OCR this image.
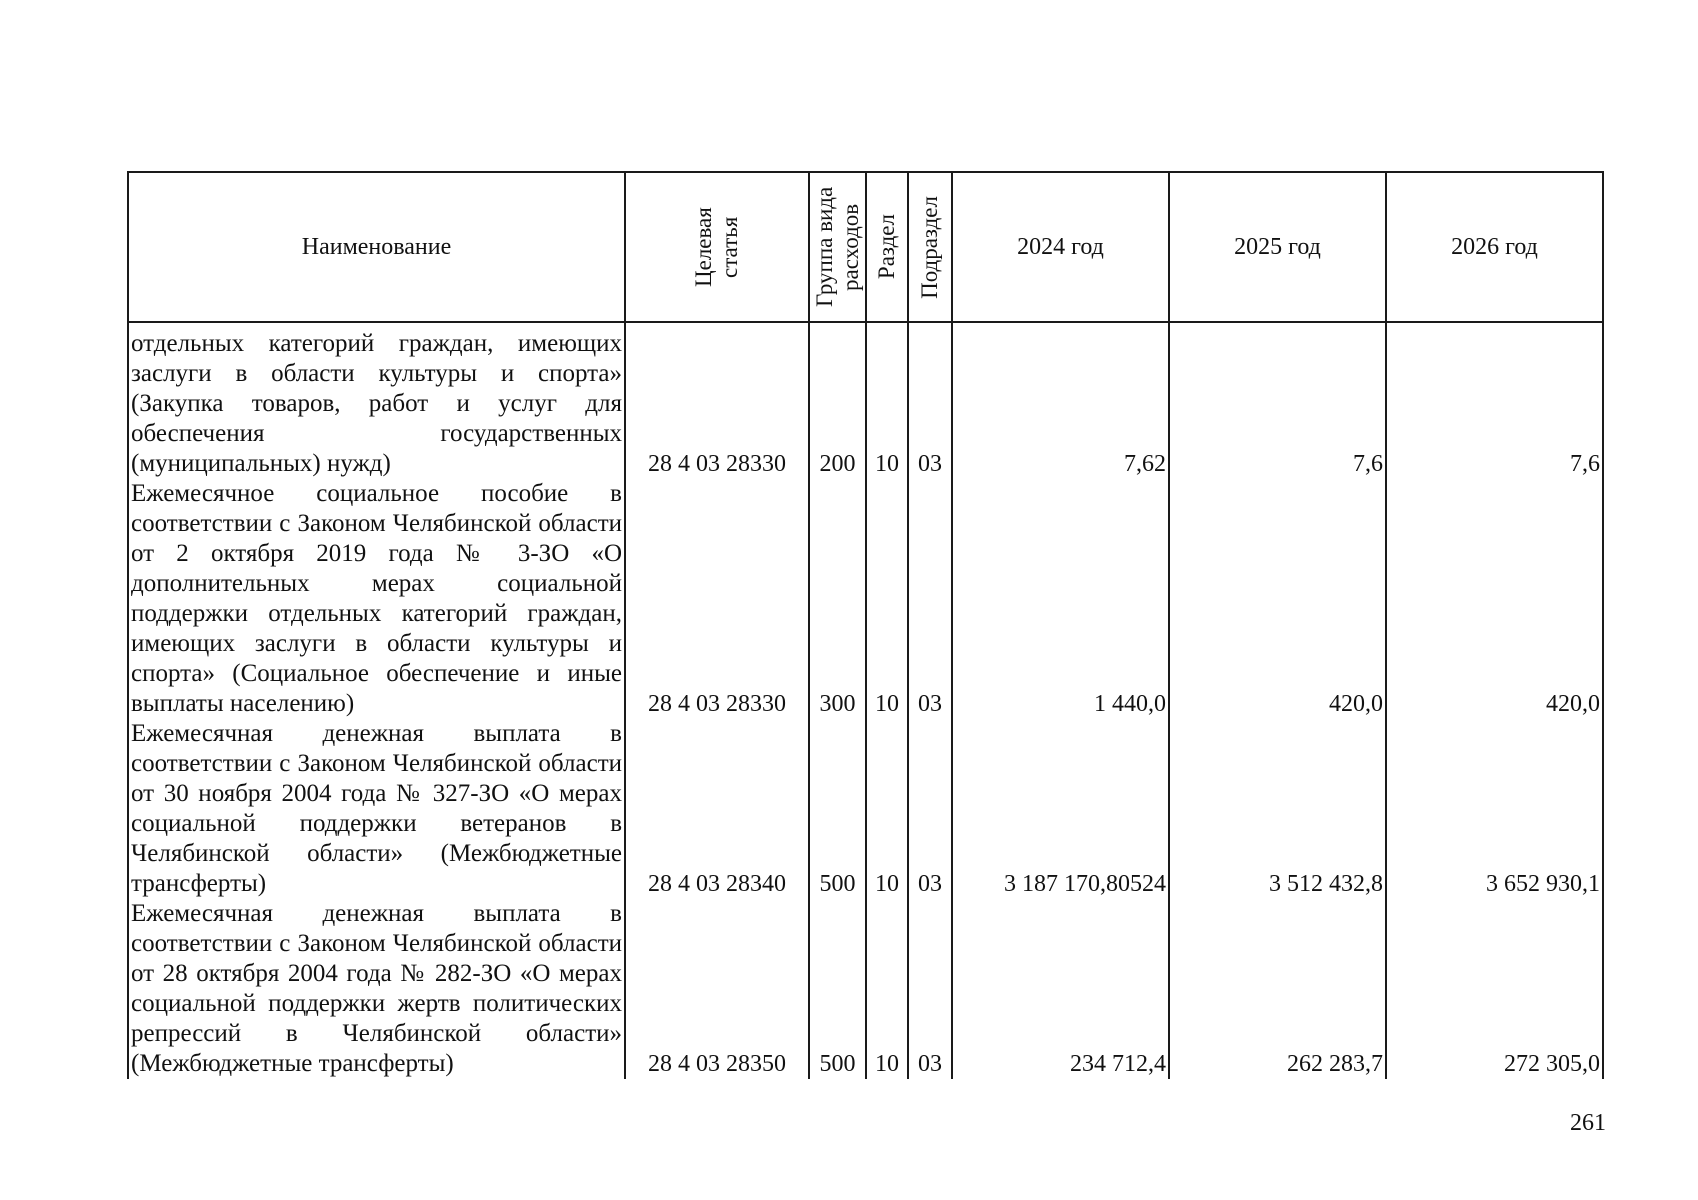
Наименование	Целевая статья	Группа вида расходов	Раздел	Подраздел	2024 год	2025 год	2026 год

отдельных категорий граждан, имеющих заслуги в области культуры и спорта» (Закупка товаров, работ и услуг для обеспечения государственных (муниципальных) нужд)	28 4 03 28330	200	10	03	7,62	7,6	7,6
Ежемесячное социальное пособие в соответствии с Законом Челябинской области от 2 октября 2019 года № 3-ЗО «О дополнительных мерах социальной поддержки отдельных категорий граждан, имеющих заслуги в области культуры и спорта» (Социальное обеспечение и иные выплаты населению)	28 4 03 28330	300	10	03	1 440,0	420,0	420,0
Ежемесячная денежная выплата в соответствии с Законом Челябинской области от 30 ноября 2004 года № 327-ЗО «О мерах социальной поддержки ветеранов в Челябинской области» (Межбюджетные трансферты)	28 4 03 28340	500	10	03	3 187 170,80524	3 512 432,8	3 652 930,1
Ежемесячная денежная выплата в соответствии с Законом Челябинской области от 28 октября 2004 года № 282-ЗО «О мерах социальной поддержки жертв политических репрессий в Челябинской области» (Межбюджетные трансферты)	28 4 03 28350	500	10	03	234 712,4	262 283,7	272 305,0
261
